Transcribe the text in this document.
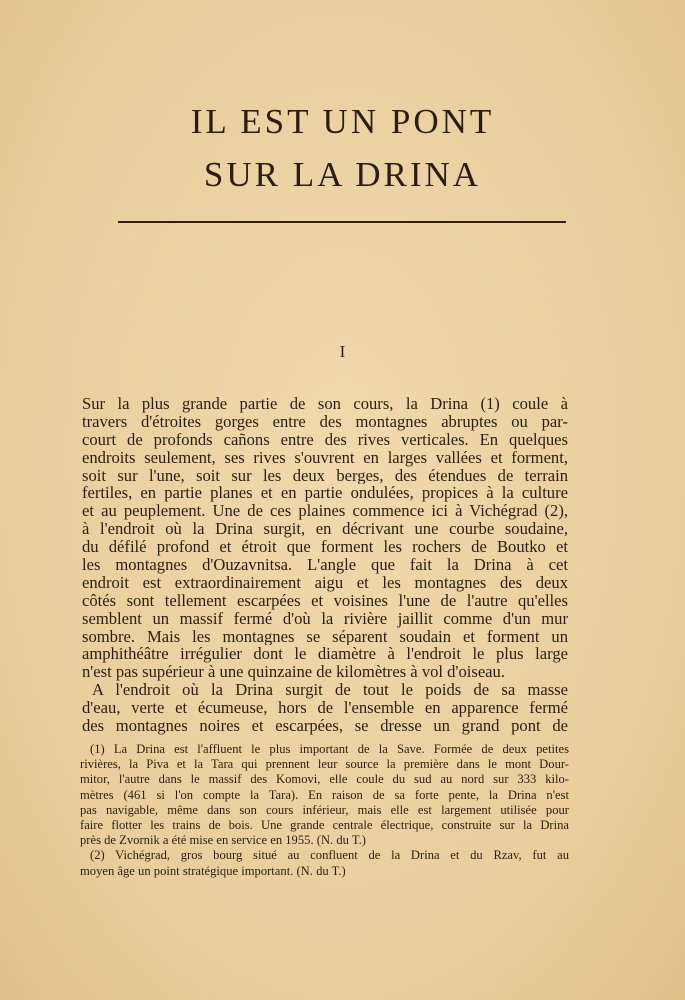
IL EST UN PONT
SUR LA DRINA
I
Sur la plus grande partie de son cours, la Drina (1) coule à
travers d'étroites gorges entre des montagnes abruptes ou par-
court de profonds cañons entre des rives verticales. En quelques
endroits seulement, ses rives s'ouvrent en larges vallées et forment,
soit sur l'une, soit sur les deux berges, des étendues de terrain
fertiles, en partie planes et en partie ondulées, propices à la culture
et au peuplement. Une de ces plaines commence ici à Vichégrad (2),
à l'endroit où la Drina surgit, en décrivant une courbe soudaine,
du défilé profond et étroit que forment les rochers de Boutko et
les montagnes d'Ouzavnitsa. L'angle que fait la Drina à cet
endroit est extraordinairement aigu et les montagnes des deux
côtés sont tellement escarpées et voisines l'une de l'autre qu'elles
semblent un massif fermé d'où la rivière jaillit comme d'un mur
sombre. Mais les montagnes se séparent soudain et forment un
amphithéâtre irrégulier dont le diamètre à l'endroit le plus large
n'est pas supérieur à une quinzaine de kilomètres à vol d'oiseau.
A l'endroit où la Drina surgit de tout le poids de sa masse
d'eau, verte et écumeuse, hors de l'ensemble en apparence fermé
des montagnes noires et escarpées, se dresse un grand pont de
(1) La Drina est l'affluent le plus important de la Save. Formée de deux petites
rivières, la Piva et la Tara qui prennent leur source la première dans le mont Dour-
mitor, l'autre dans le massif des Komovi, elle coule du sud au nord sur 333 kilo-
mètres (461 si l'on compte la Tara). En raison de sa forte pente, la Drina n'est
pas navigable, même dans son cours inférieur, mais elle est largement utilisée pour
faire flotter les trains de bois. Une grande centrale électrique, construite sur la Drina
près de Zvornik a été mise en service en 1955. (N. du T.)
(2) Vichégrad, gros bourg situé au confluent de la Drina et du Rzav, fut au
moyen âge un point stratégique important. (N. du T.)
